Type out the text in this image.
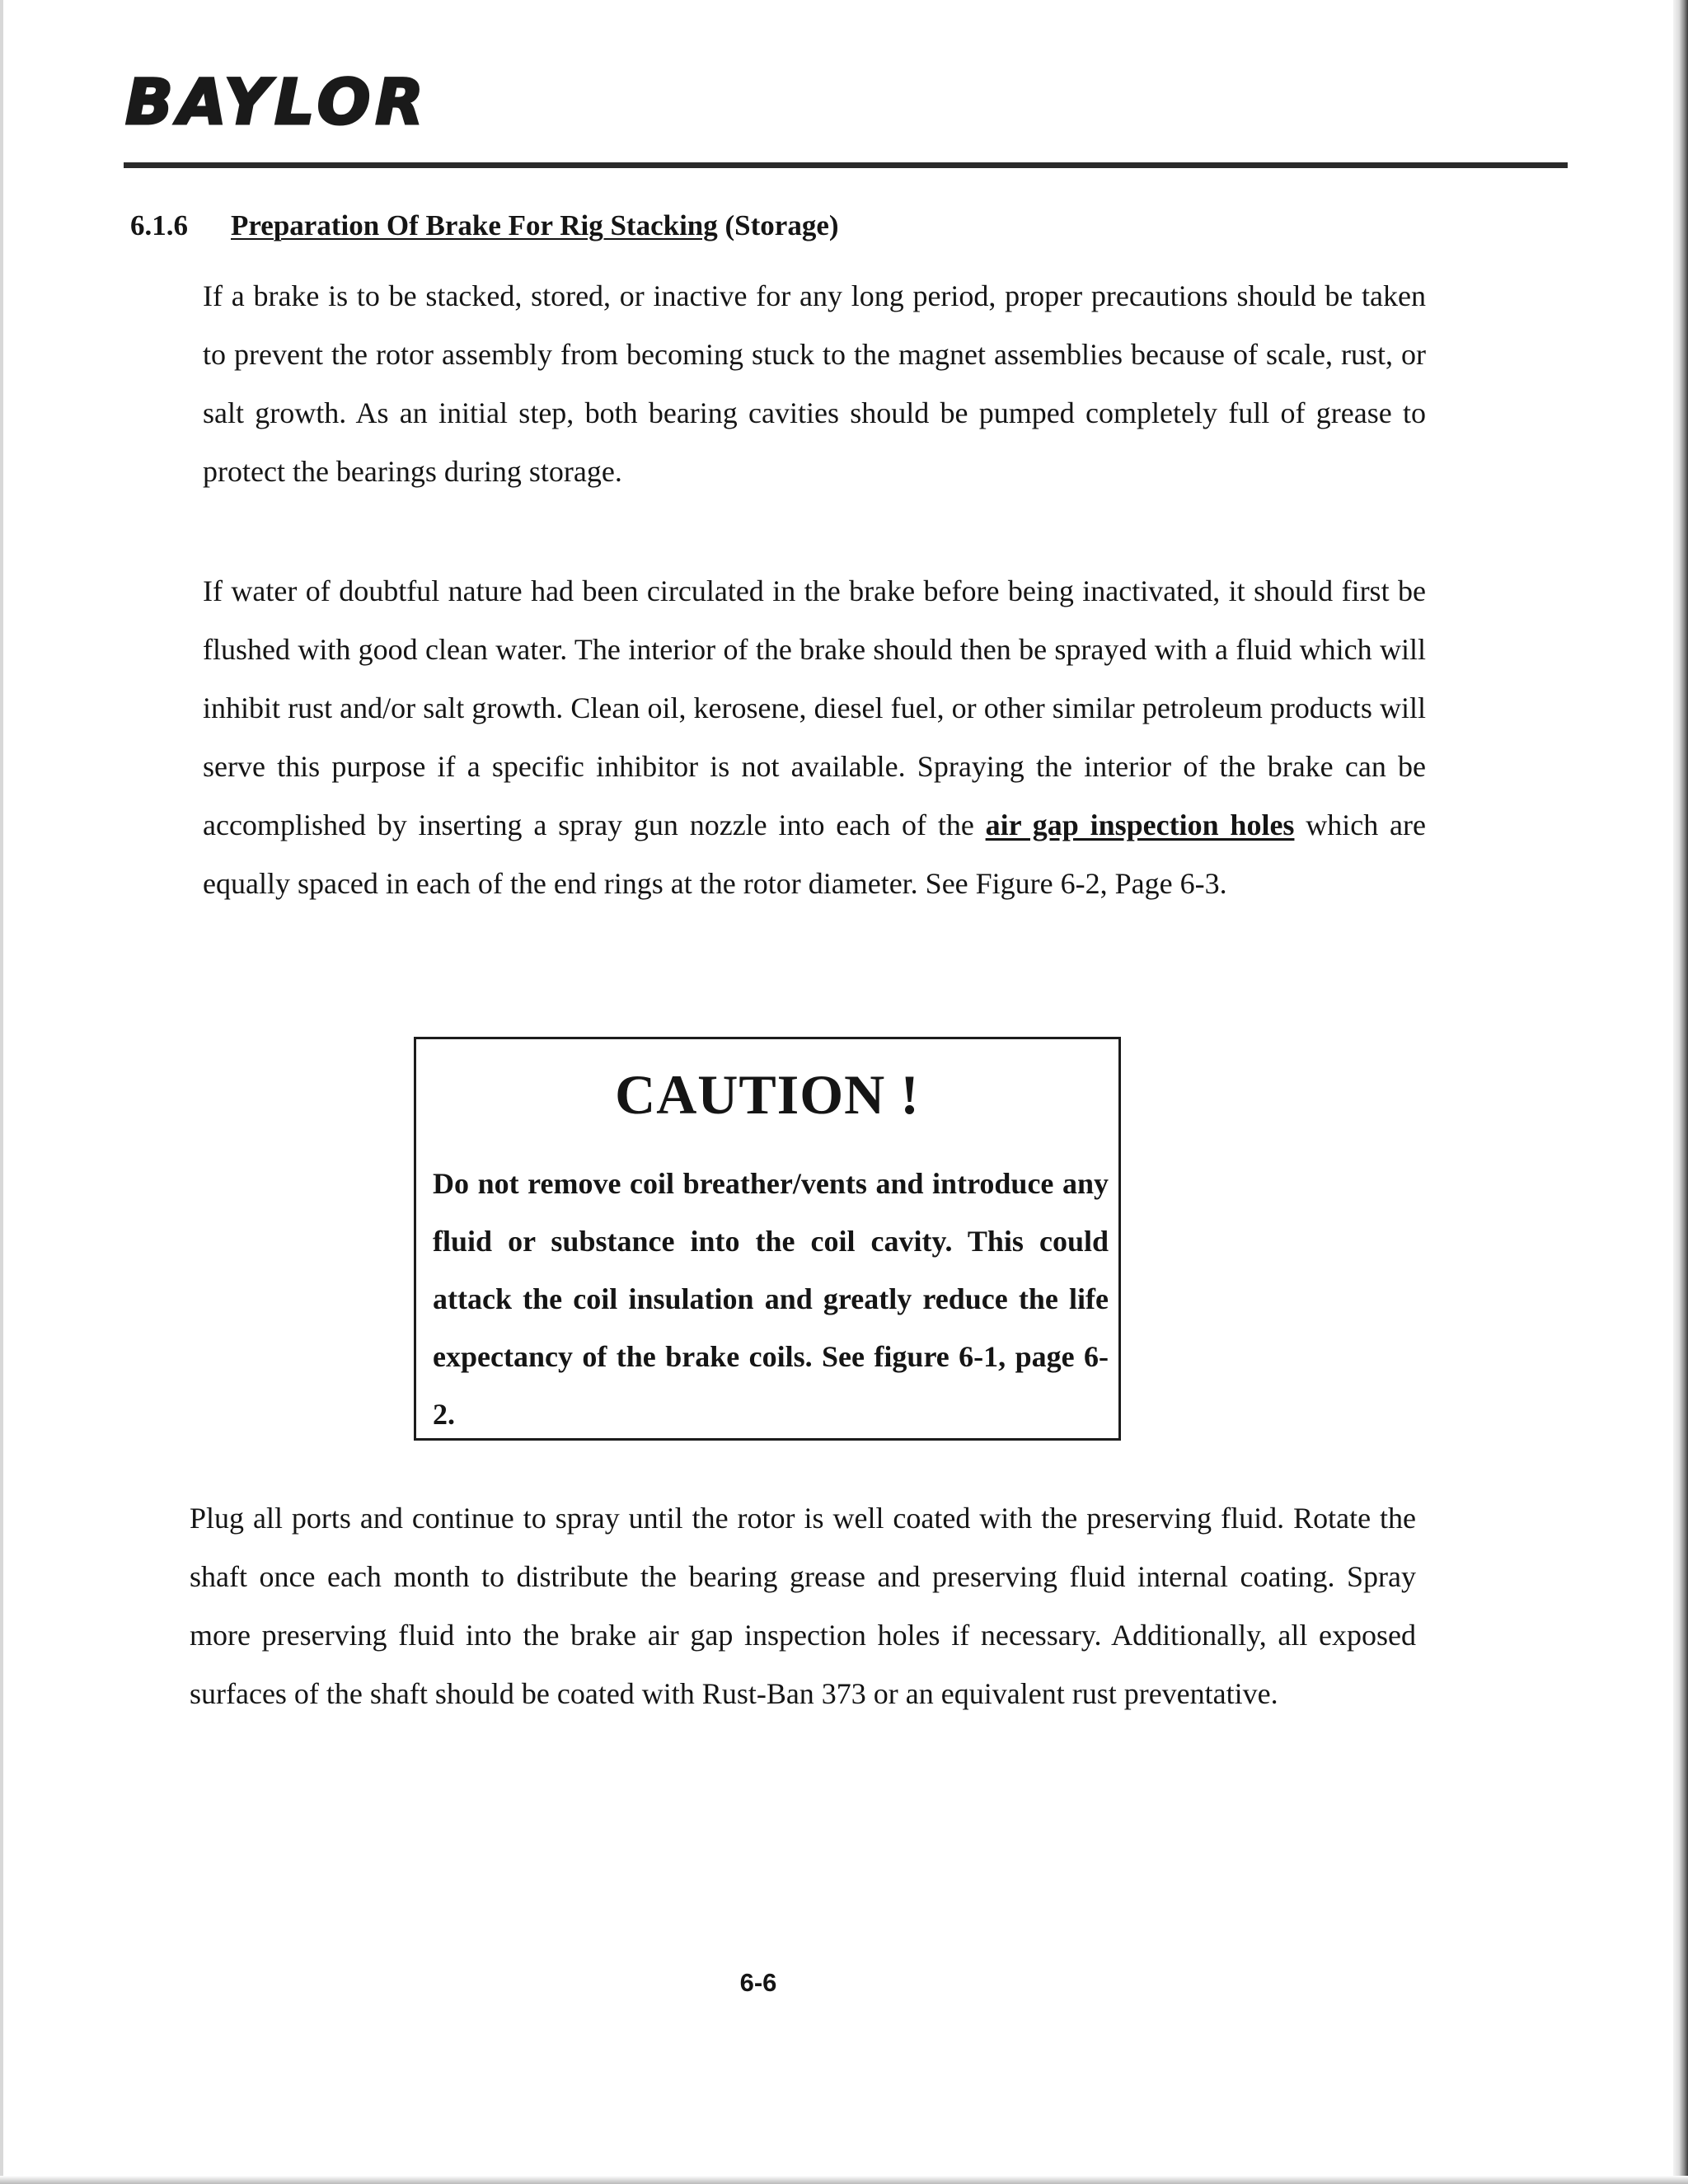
BAYLOR
6.1.6 Preparation Of Brake For Rig Stacking (Storage)

If a brake is to be stacked, stored, or inactive for any long period, proper precautions should be taken to prevent the rotor assembly from becoming stuck to the magnet assemblies because of scale, rust, or salt growth. As an initial step, both bearing cavities should be pumped completely full of grease to protect the bearings during storage.

If water of doubtful nature had been circulated in the brake before being inactivated, it should first be flushed with good clean water. The interior of the brake should then be sprayed with a fluid which will inhibit rust and/or salt growth. Clean oil, kerosene, diesel fuel, or other similar petroleum products will serve this purpose if a specific inhibitor is not available. Spraying the interior of the brake can be accomplished by inserting a spray gun nozzle into each of the air gap inspection holes which are equally spaced in each of the end rings at the rotor diameter. See Figure 6-2, Page 6-3.

CAUTION !

Do not remove coil breather/vents and introduce any fluid or substance into the coil cavity. This could attack the coil insulation and greatly reduce the life expectancy of the brake coils. See figure 6-1, page 6-2.

Plug all ports and continue to spray until the rotor is well coated with the preserving fluid. Rotate the shaft once each month to distribute the bearing grease and preserving fluid internal coating. Spray more preserving fluid into the brake air gap inspection holes if necessary. Additionally, all exposed surfaces of the shaft should be coated with Rust-Ban 373 or an equivalent rust preventative.

6-6
